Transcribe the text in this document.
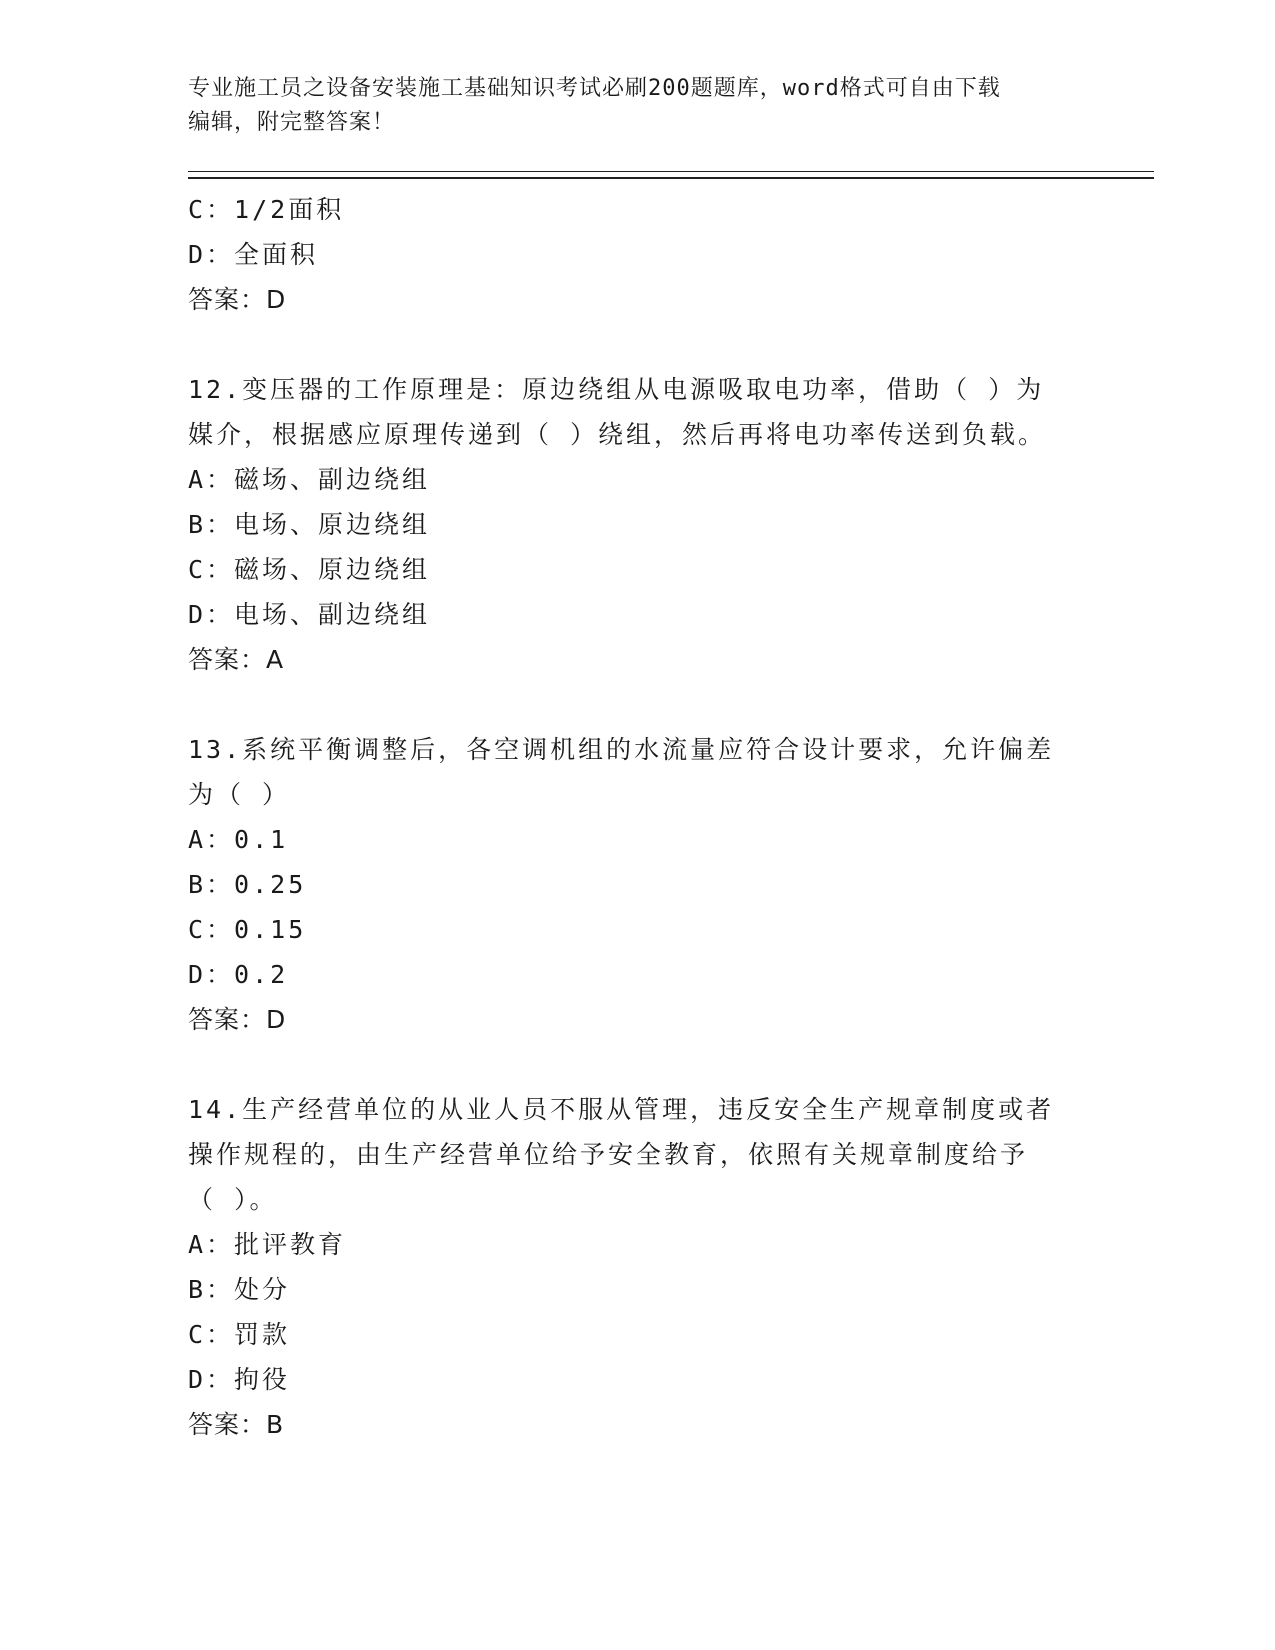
专业施工员之设备安装施工基础知识考试必刷200题题库，word格式可自由下载
编辑，附完整答案！
C：1/2面积
D：全面积
答案：D
12.变压器的工作原理是：原边绕组从电源吸取电功率，借助（ ）为
媒介，根据感应原理传递到（ ）绕组，然后再将电功率传送到负载。
A：磁场、副边绕组
B：电场、原边绕组
C：磁场、原边绕组
D：电场、副边绕组
答案：A
13.系统平衡调整后，各空调机组的水流量应符合设计要求，允许偏差
为（ ）
A：0.1
B：0.25
C：0.15
D：0.2
答案：D
14.生产经营单位的从业人员不服从管理，违反安全生产规章制度或者
操作规程的，由生产经营单位给予安全教育，依照有关规章制度给予
（ ）。
A：批评教育
B：处分
C：罚款
D：拘役
答案：B
